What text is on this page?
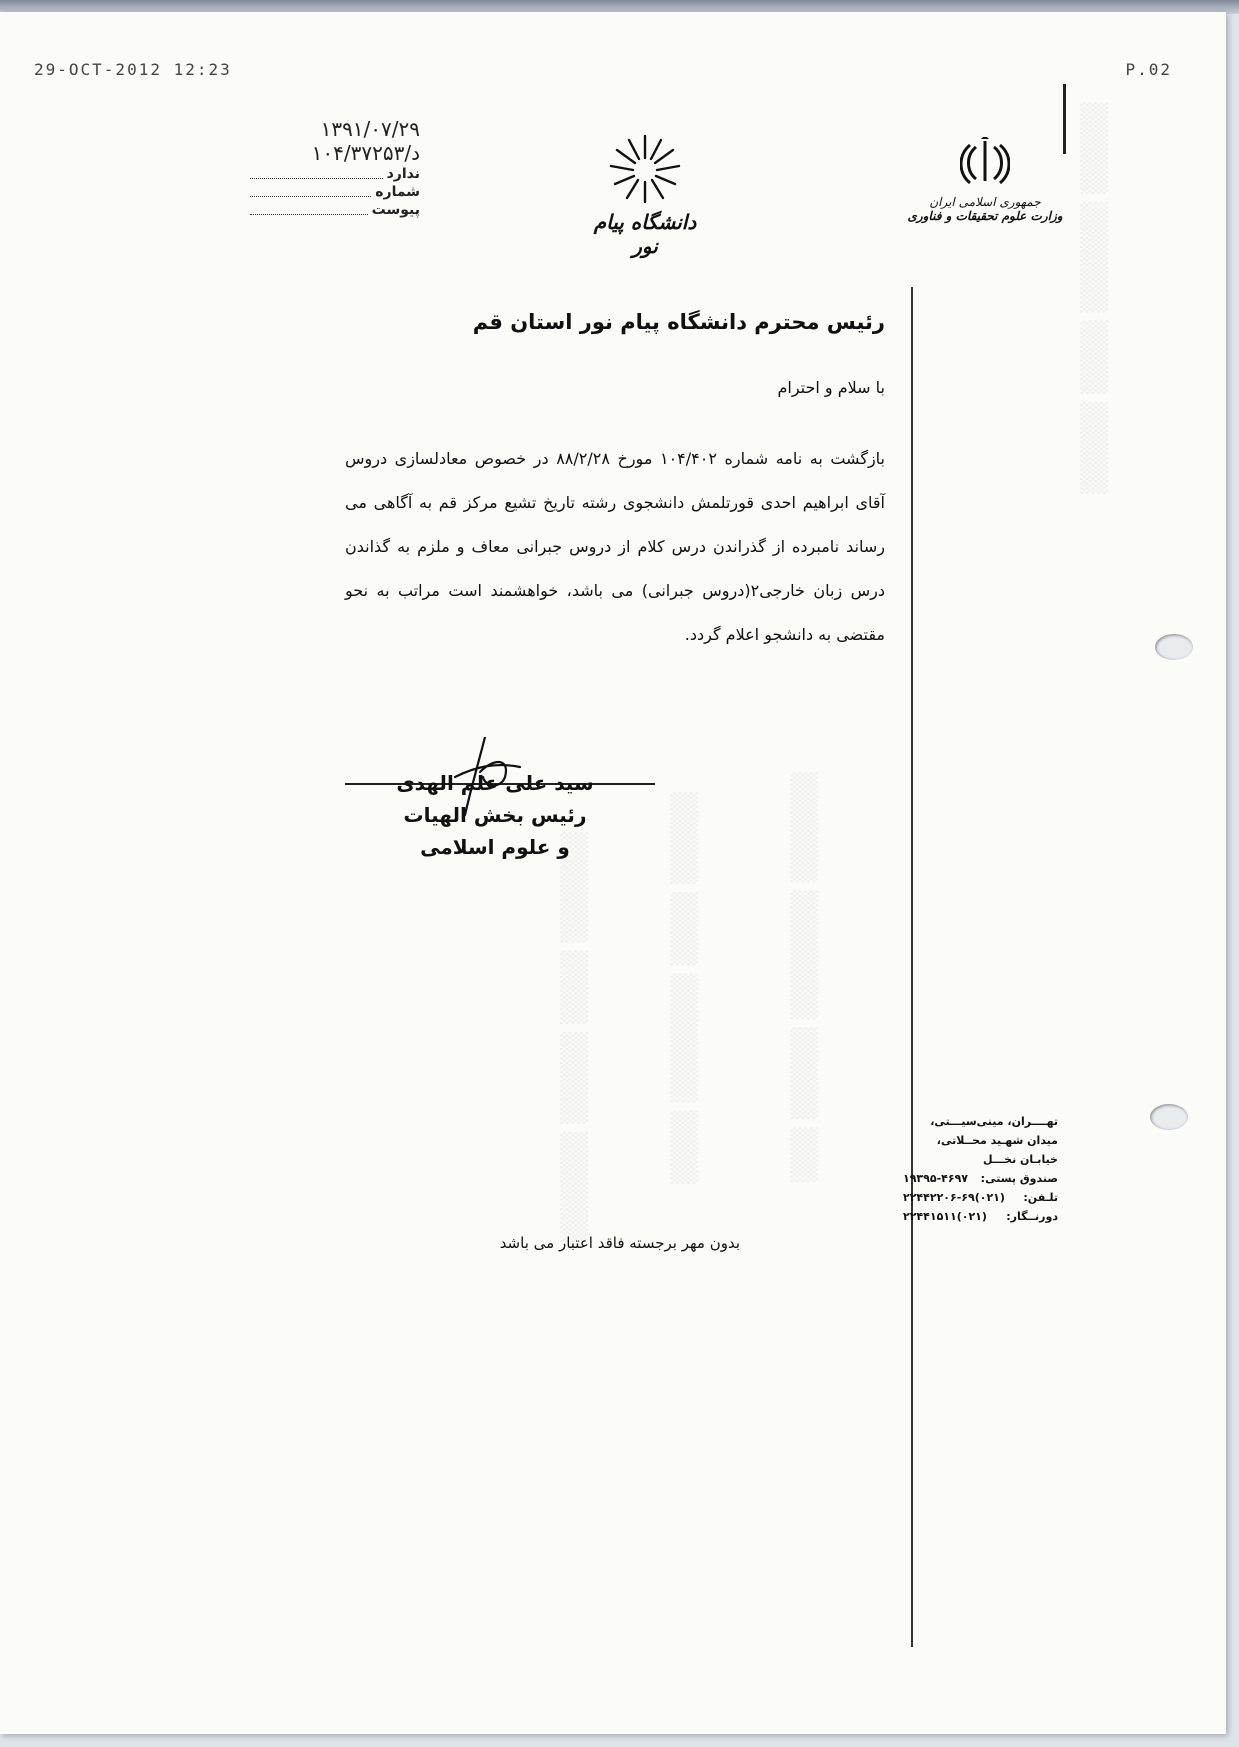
▒▒▒▒▒ ▒▒▒▒▒▒ ▒▒▒▒ ▒▒▒▒▒
▒▒▒▒▒▒ ▒▒▒▒▒▒▒ ▒▒▒▒▒ ▒▒▒
▒▒▒▒▒ ▒▒▒▒ ▒▒▒▒▒▒▒ ▒▒▒▒
▒▒▒▒▒▒ ▒▒▒▒ ▒▒▒▒▒ ▒▒▒▒▒▒
29-OCT-2012 12:23	P.02
۱۳۹۱/۰۷/۲۹
د/۱۰۴/۳۷۲۵۳
ندارد
شماره
پیوست	دانشگاه پیام نور
جمهوری اسلامی ایران
وزارت علوم تحقیقات و فناوری
رئیس محترم دانشگاه پیام نور استان قم
با سلام و احترام
بازگشت به نامه شماره ۱۰۴/۴۰۲ مورخ ۸۸/۲/۲۸ در خصوص معادلسازی دروس آقای ابراهیم احدی قورتلمش دانشجوی رشته تاریخ تشیع مرکز قم به آگاهی می رساند نامبرده از گذراندن درس کلام از دروس جبرانی معاف و ملزم به گذاندن درس زبان خارجی۲(دروس جبرانی) می باشد، خواهشمند است مراتب به نحو مقتضی به دانشجو اعلام گردد.
سید علی علم الهدی
رئیس بخش الهیات
و علوم اسلامی
بدون مهر برجسته فاقد اعتبار می باشد
تهــــران، مینی‌سیـــتی،
میدان شهـید محــلاتی،
خیابـان نخـــل
صندوق پستی:
۱۹۳۹۵-۴۶۹۷
تلـفن:
(۰۲۱)۲۲۴۴۲۲۰۶-۶۹
دورنــگار:
(۰۲۱)۲۲۴۴۱۵۱۱
